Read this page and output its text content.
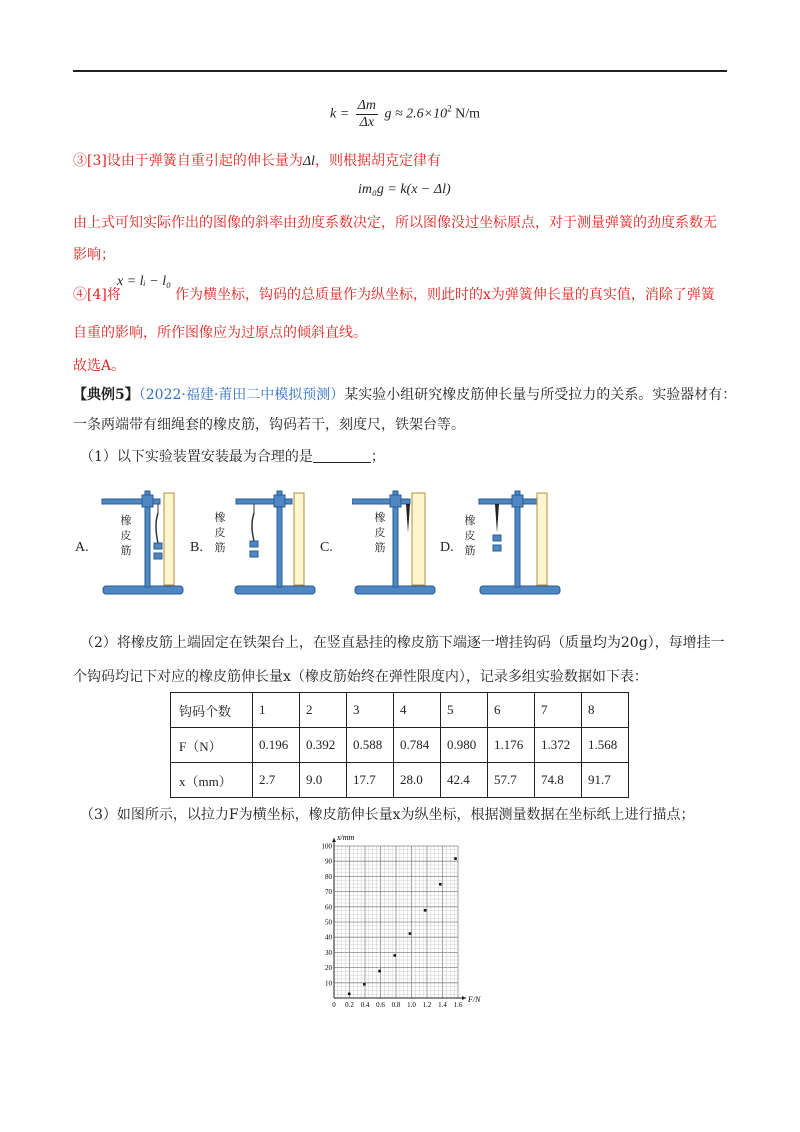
$k = \frac{\Delta m}{\Delta x}$ $g \approx 2.6\times 10^2$ N/m
③[3]设由于弹簧自重引起的伸长量为Δl，则根据胡克定律有
im₀g = k(x − Δl)
由上式可知实际作出的图像的斜率由劲度系数决定，所以图像没过坐标原点，对于测量弹簧的劲度系数无
影响；
④[4]将
x = lᵢ − l₀
作为横坐标，钩码的总质量作为纵坐标，则此时的x为弹簧伸长量的真实值，消除了弹簧
自重的影响，所作图像应为过原点的倾斜直线。
故选A。
【典例5】（2022·福建·莆田二中模拟预测）某实验小组研究橡皮筋伸长量与所受拉力的关系。实验器材有：
一条两端带有细绳套的橡皮筋，钩码若干，刻度尺，铁架台等。
（1）以下实验装置安装最为合理的是	；
橡
皮
筋
A.
橡
皮
筋
B.
橡
皮
筋
C.
橡
皮
筋
D.
（2）将橡皮筋上端固定在铁架台上，在竖直悬挂的橡皮筋下端逐一增挂钩码（质量均为20g），每增挂一
个钩码均记下对应的橡皮筋伸长量x（橡皮筋始终在弹性限度内），记录多组实验数据如下表：
钩码个数	1	2	3	4	5	6	7	8
F（N）	0.196	0.392	0.588	0.784	0.980	1.176	1.372	1.568
x（mm）	2.7	9.0	17.7	28.0	42.4	57.7	74.8	91.7
（3）如图所示，以拉力F为横坐标，橡皮筋伸长量x为纵坐标，根据测量数据在坐标纸上进行描点；
0 0.2 0.4 0.6 0.8 1.0 1.2 1.4 1.6
10
20
30
40
50
60
70
80
90
100
F/N
x/mm
